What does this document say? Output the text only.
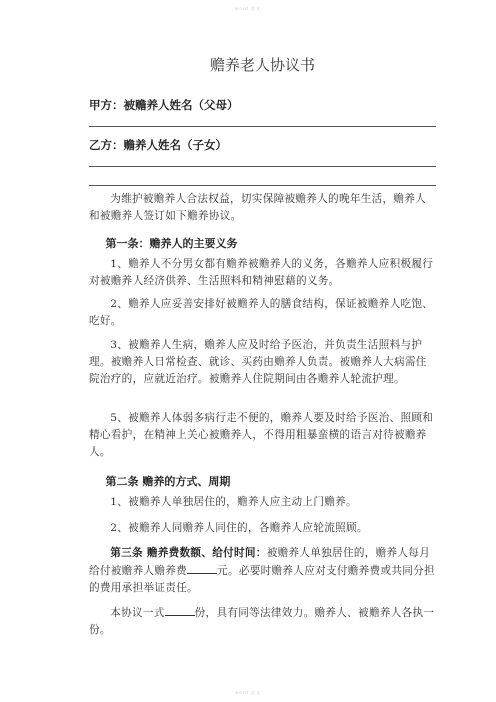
word 范文
赡养老人协议书
甲方：被赡养人姓名（父母）
乙方：赡养人姓名（子女）
为维护被赡养人合法权益，切实保障被赡养人的晚年生活，赡养人和被赡养人签订如下赡养协议。
第一条：赡养人的主要义务
1、赡养人不分男女都有赡养被赡养人的义务，各赡养人应积极履行对被赡养人经济供养、生活照料和精神慰藉的义务。
2、赡养人应妥善安排好被赡养人的膳食结构，保证被赡养人吃饱、吃好。
3、被赡养人生病，赡养人应及时给予医治，并负责生活照料与护理。被赡养人日常检查、就诊、买药由赡养人负责。被赡养人大病需住院治疗的，应就近治疗。被赡养人住院期间由各赡养人轮流护理。
5、被赡养人体弱多病行走不便的，赡养人要及时给予医治、照顾和精心看护，在精神上关心被赡养人，不得用粗暴蛮横的语言对待被赡养人。
第二条 赡养的方式、周期
1、被赡养人单独居住的，赡养人应主动上门赡养。
2、被赡养人同赡养人同住的，各赡养人应轮流照顾。
第三条 赡养费数额、给付时间：被赡养人单独居住的，赡养人每月给付被赡养人赡养费	元。必要时赡养人应对支付赡养费或共同分担的费用承担举证责任。
本协议一式	份，具有同等法律效力。赡养人、被赡养人各执一份。
word 范文
